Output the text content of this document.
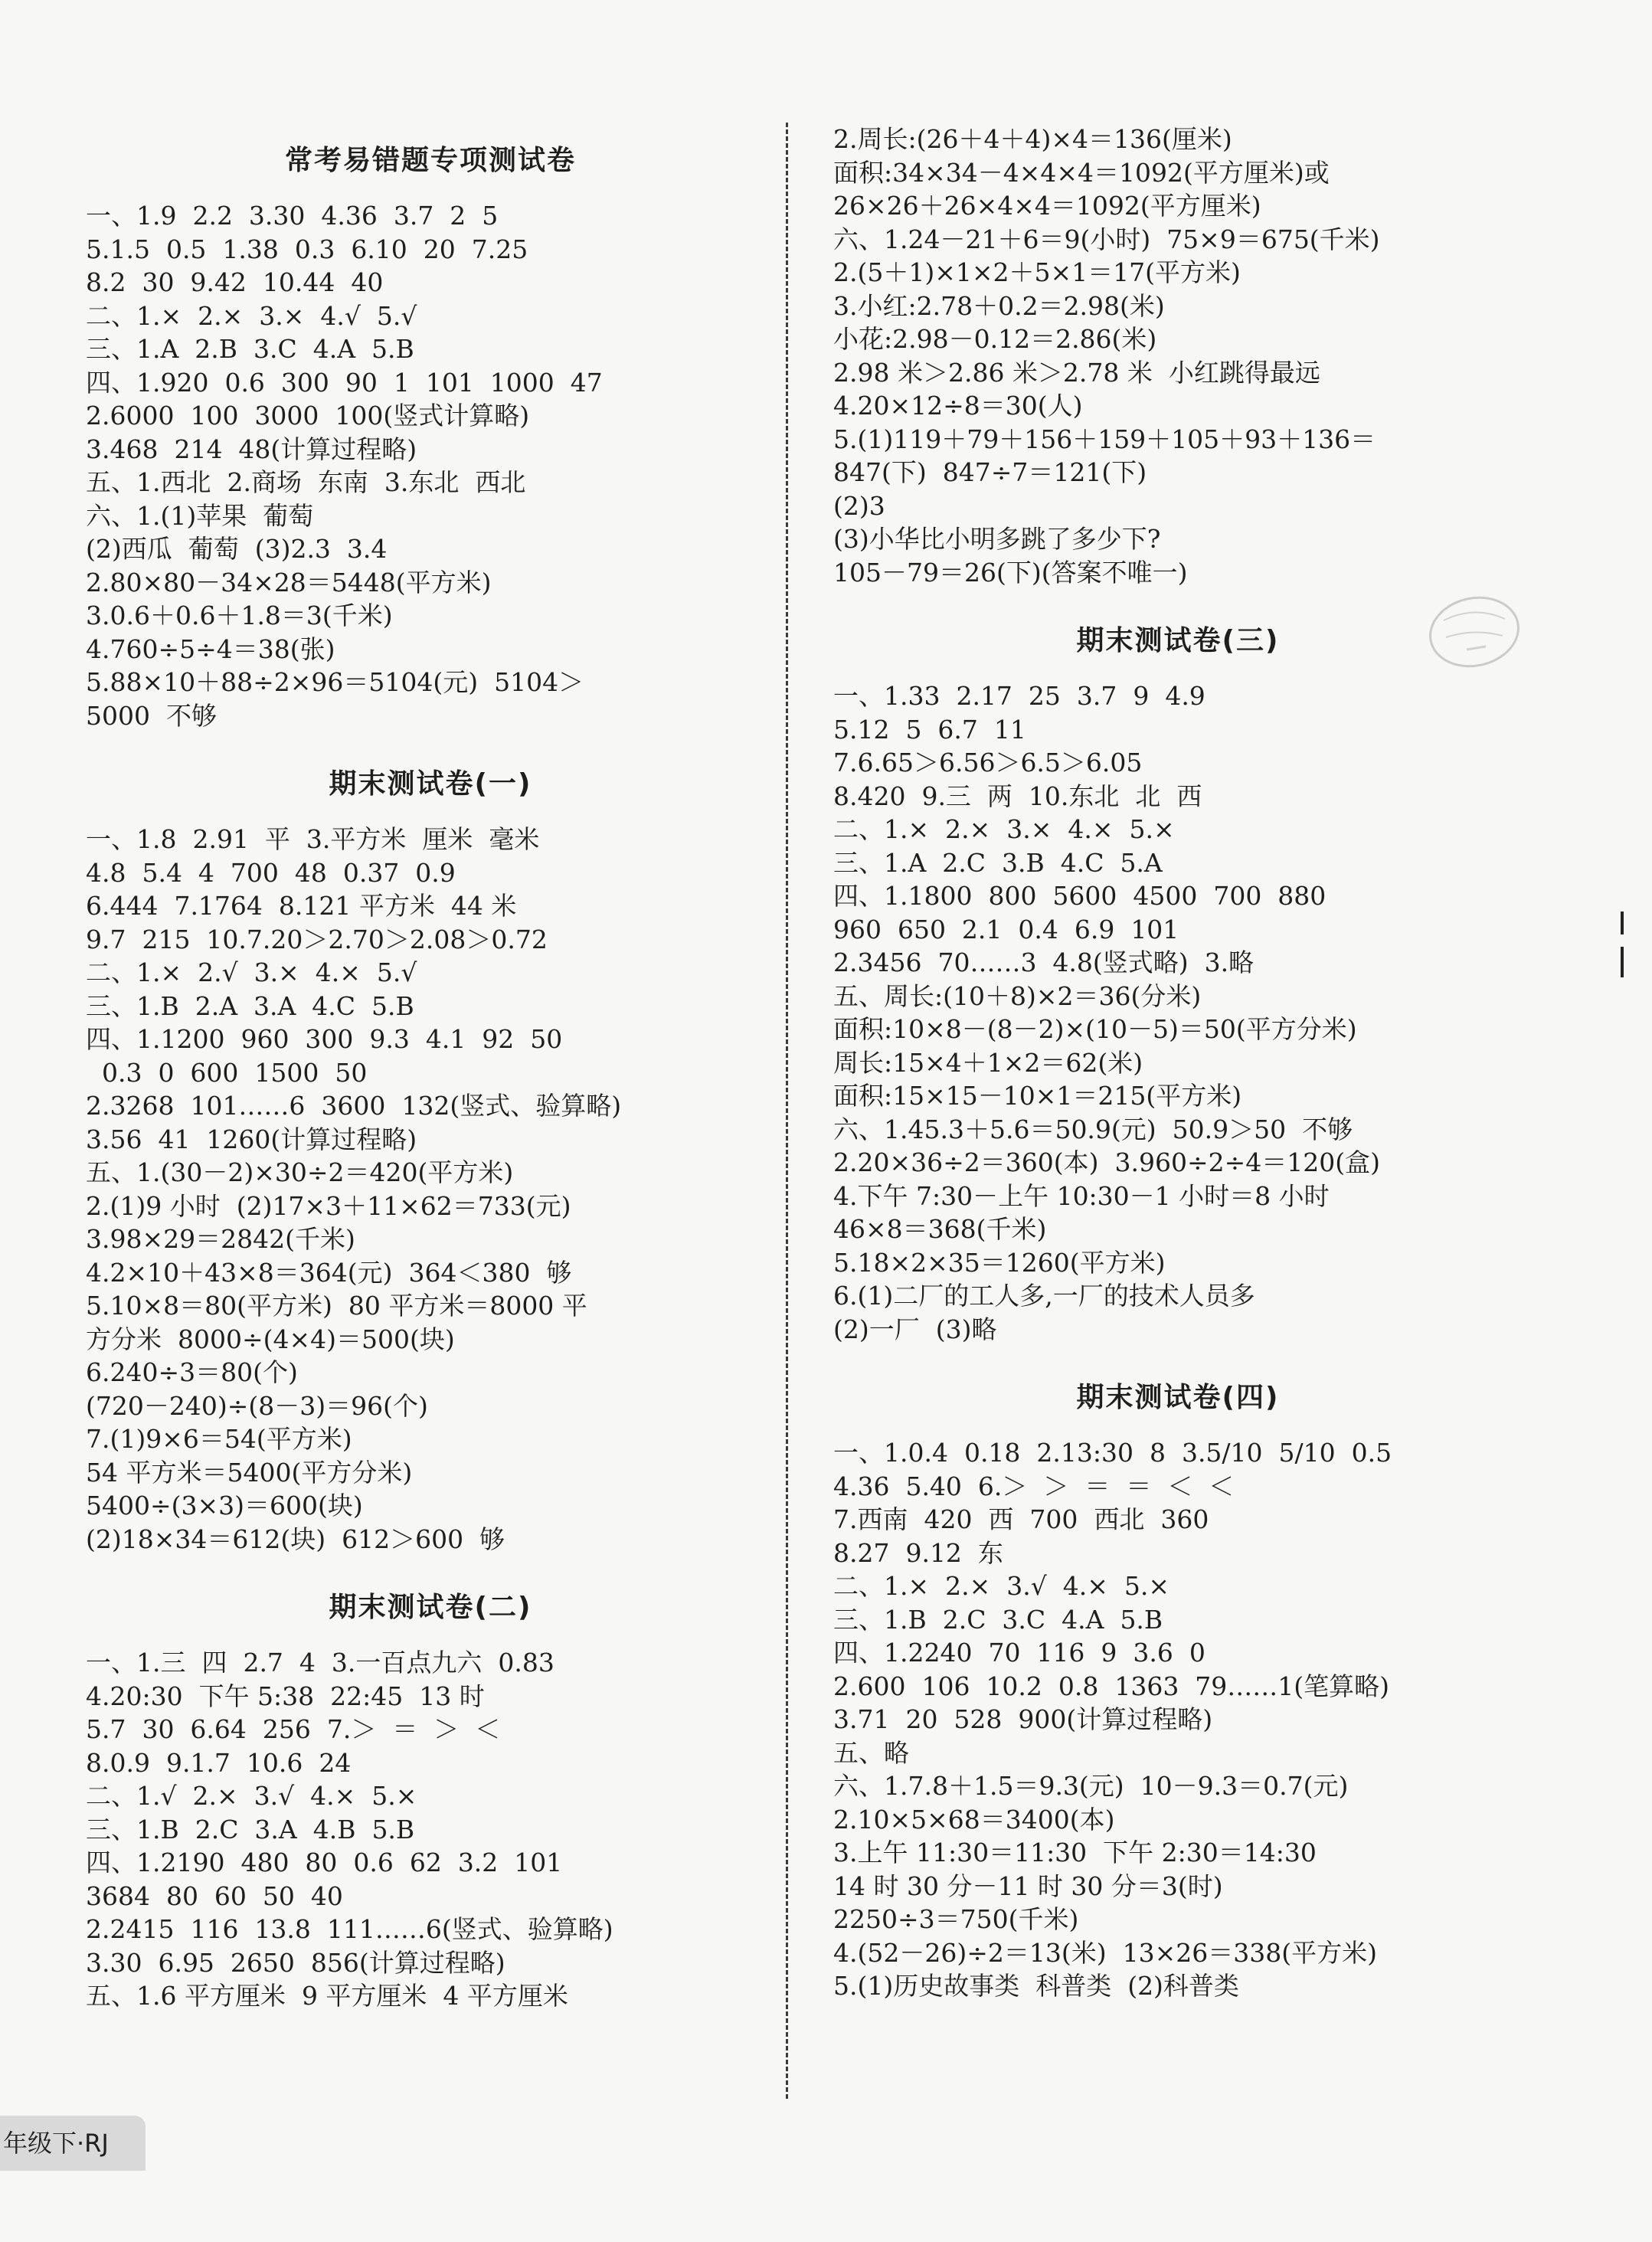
常考易错题专项测试卷
一、1.9  2.2  3.30  4.36  3.7  2  5
5.1.5  0.5  1.38  0.3  6.10  20  7.25
8.2  30  9.42  10.44  40
二、1.×  2.×  3.×  4.√  5.√
三、1.A  2.B  3.C  4.A  5.B
四、1.920  0.6  300  90  1  101  1000  47
2.6000  100  3000  100(竖式计算略)
3.468  214  48(计算过程略)
五、1.西北  2.商场  东南  3.东北  西北
六、1.(1)苹果  葡萄
(2)西瓜  葡萄  (3)2.3  3.4
2.80×80－34×28＝5448(平方米)
3.0.6＋0.6＋1.8＝3(千米)
4.760÷5÷4＝38(张)
5.88×10＋88÷2×96＝5104(元)  5104＞
5000  不够
期末测试卷(一)
一、1.8  2.91  平  3.平方米  厘米  毫米
4.8  5.4  4  700  48  0.37  0.9
6.444  7.1764  8.121 平方米  44 米
9.7  215  10.7.20＞2.70＞2.08＞0.72
二、1.×  2.√  3.×  4.×  5.√
三、1.B  2.A  3.A  4.C  5.B
四、1.1200  960  300  9.3  4.1  92  50
0.3  0  600  1500  50
2.3268  101……6  3600  132(竖式、验算略)
3.56  41  1260(计算过程略)
五、1.(30－2)×30÷2＝420(平方米)
2.(1)9 小时  (2)17×3＋11×62＝733(元)
3.98×29＝2842(千米)
4.2×10＋43×8＝364(元)  364＜380  够
5.10×8＝80(平方米)  80 平方米＝8000 平
方分米  8000÷(4×4)＝500(块)
6.240÷3＝80(个)
(720－240)÷(8－3)＝96(个)
7.(1)9×6＝54(平方米)
54 平方米＝5400(平方分米)
5400÷(3×3)＝600(块)
(2)18×34＝612(块)  612＞600  够
期末测试卷(二)
一、1.三  四  2.7  4  3.一百点九六  0.83
4.20:30  下午 5:38  22:45  13 时
5.7  30  6.64  256  7.＞  ＝  ＞  ＜
8.0.9  9.1.7  10.6  24
二、1.√  2.×  3.√  4.×  5.×
三、1.B  2.C  3.A  4.B  5.B
四、1.2190  480  80  0.6  62  3.2  101
3684  80  60  50  40
2.2415  116  13.8  111……6(竖式、验算略)
3.30  6.95  2650  856(计算过程略)
五、1.6 平方厘米  9 平方厘米  4 平方厘米
2.周长:(26＋4＋4)×4＝136(厘米)
面积:34×34－4×4×4＝1092(平方厘米)或
26×26＋26×4×4＝1092(平方厘米)
六、1.24－21＋6＝9(小时)  75×9＝675(千米)
2.(5＋1)×1×2＋5×1＝17(平方米)
3.小红:2.78＋0.2＝2.98(米)
小花:2.98－0.12＝2.86(米)
2.98 米＞2.86 米＞2.78 米  小红跳得最远
4.20×12÷8＝30(人)
5.(1)119＋79＋156＋159＋105＋93＋136＝
847(下)  847÷7＝121(下)
(2)3
(3)小华比小明多跳了多少下?
105－79＝26(下)(答案不唯一)
期末测试卷(三)
一、1.33  2.17  25  3.7  9  4.9
5.12  5  6.7  11
7.6.65＞6.56＞6.5＞6.05
8.420  9.三  两  10.东北  北  西
二、1.×  2.×  3.×  4.×  5.×
三、1.A  2.C  3.B  4.C  5.A
四、1.1800  800  5600  4500  700  880
960  650  2.1  0.4  6.9  101
2.3456  70……3  4.8(竖式略)  3.略
五、周长:(10＋8)×2＝36(分米)
面积:10×8－(8－2)×(10－5)＝50(平方分米)
周长:15×4＋1×2＝62(米)
面积:15×15－10×1＝215(平方米)
六、1.45.3＋5.6＝50.9(元)  50.9＞50  不够
2.20×36÷2＝360(本)  3.960÷2÷4＝120(盒)
4.下午 7:30－上午 10:30－1 小时＝8 小时
46×8＝368(千米)
5.18×2×35＝1260(平方米)
6.(1)二厂的工人多,一厂的技术人员多
(2)一厂  (3)略
期末测试卷(四)
一、1.0.4  0.18  2.13:30  8  3.5/10  5/10  0.5
4.36  5.40  6.＞  ＞  ＝  ＝  ＜  ＜
7.西南  420  西  700  西北  360
8.27  9.12  东
二、1.×  2.×  3.√  4.×  5.×
三、1.B  2.C  3.C  4.A  5.B
四、1.2240  70  116  9  3.6  0
2.600  106  10.2  0.8  1363  79……1(笔算略)
3.71  20  528  900(计算过程略)
五、略
六、1.7.8＋1.5＝9.3(元)  10－9.3＝0.7(元)
2.10×5×68＝3400(本)
3.上午 11:30＝11:30  下午 2:30＝14:30
14 时 30 分－11 时 30 分＝3(时)
2250÷3＝750(千米)
4.(52－26)÷2＝13(米)  13×26＝338(平方米)
5.(1)历史故事类  科普类  (2)科普类
年级下·RJ
